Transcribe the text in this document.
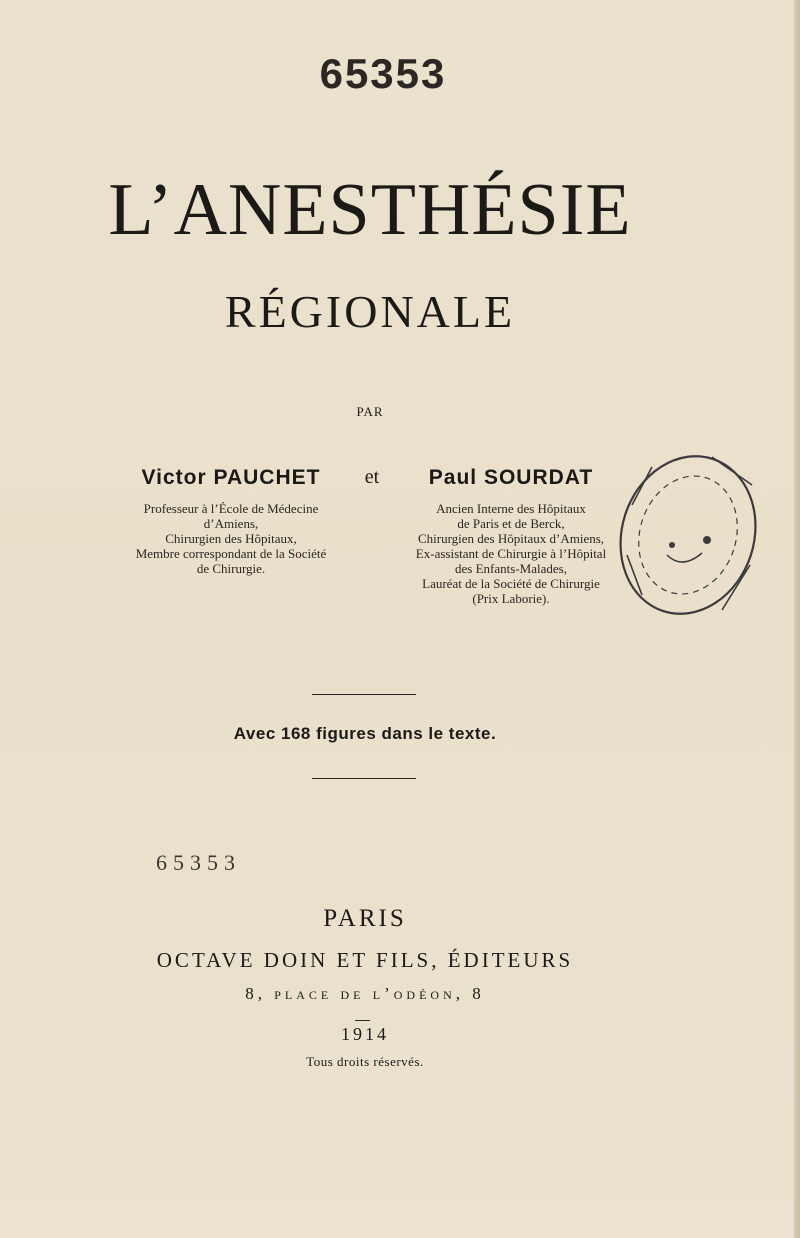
65353
L’ANESTHÉSIE
RÉGIONALE
PAR
Victor PAUCHET
Professeur à l’École de Médecine
d’Amiens,
Chirurgien des Hôpitaux,
Membre correspondant de la Société
de Chirurgie.
et	Paul SOURDAT
Ancien Interne des Hôpitaux
de Paris et de Berck,
Chirurgien des Hôpitaux d’Amiens,
Ex-assistant de Chirurgie à l’Hôpital
des Enfants-Malades,
Lauréat de la Société de Chirurgie
(Prix Laborie).
Avec 168 figures dans le texte.
65353
PARIS
OCTAVE DOIN ET FILS, ÉDITEURS
8, place de l’odéon, 8
1914
Tous droits réservés.
